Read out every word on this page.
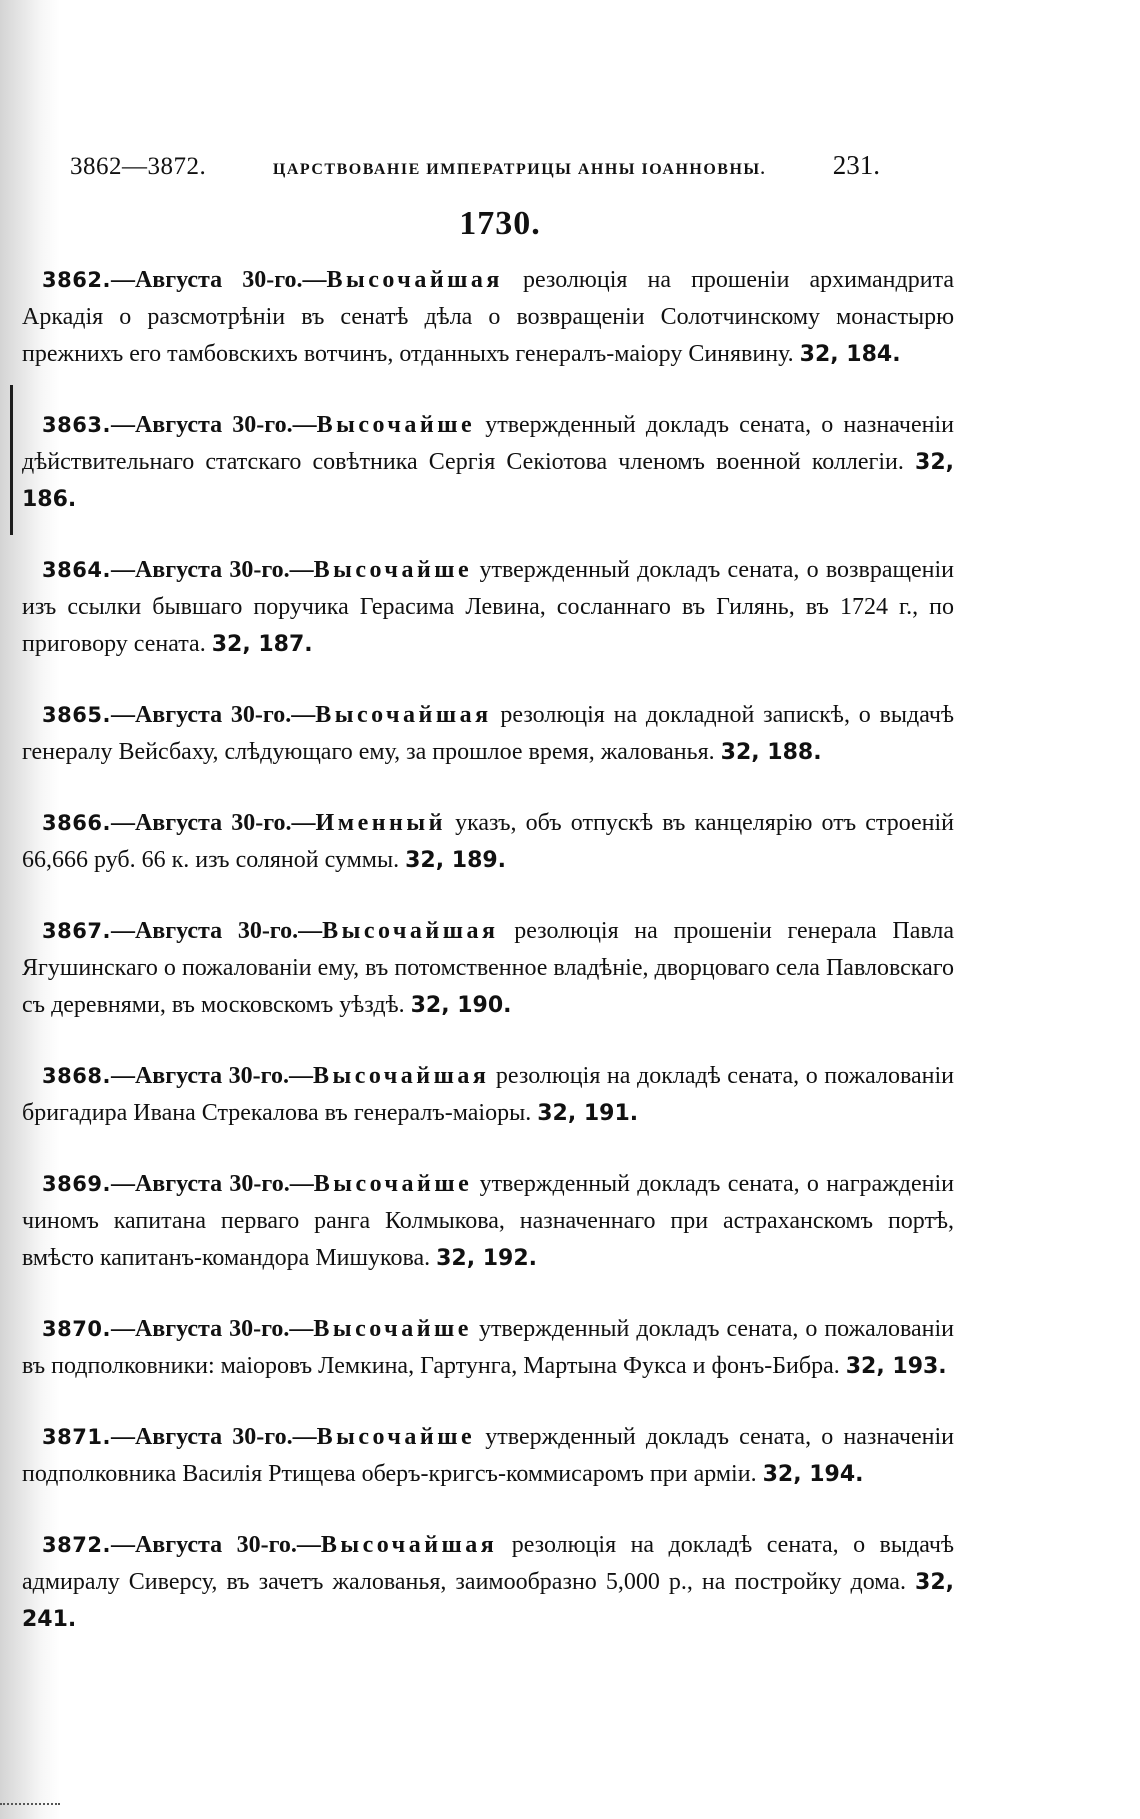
3862—3872.	ЦАРСТВОВАНІЕ ИМПЕРАТРИЦЫ АННЫ ІОАННОВНЫ. 231.
1730.

3862.—Августа 30-го.—Высочайшая резолюція на прошеніи архимандрита Аркадія о разсмотрѣніи въ сенатѣ дѣла о возвращеніи Солотчинскому монастырю прежнихъ его тамбовскихъ вотчинъ, отданныхъ генералъ-маіору Синявину. 32, 184.

3863.—Августа 30-го.—Высочайше утвержденный докладъ сената, о назначеніи дѣйствительнаго статскаго совѣтника Сергія Секіотова членомъ военной коллегіи. 32, 186.

3864.—Августа 30-го.—Высочайше утвержденный докладъ сената, о возвращеніи изъ ссылки бывшаго поручика Герасима Левина, сосланнаго въ Гилянь, въ 1724 г., по приговору сената. 32, 187.

3865.—Августа 30-го.—Высочайшая резолюція на докладной запискѣ, о выдачѣ генералу Вейсбаху, слѣдующаго ему, за прошлое время, жалованья. 32, 188.

3866.—Августа 30-го.—Именный указъ, объ отпускѣ въ канцелярію отъ строеній 66,666 руб. 66 к. изъ соляной суммы. 32, 189.

3867.—Августа 30-го.—Высочайшая резолюція на прошеніи генерала Павла Ягушинскаго о пожалованіи ему, въ потомственное владѣніе, дворцоваго села Павловскаго съ деревнями, въ московскомъ уѣздѣ. 32, 190.

3868.—Августа 30-го.—Высочайшая резолюція на докладѣ сената, о пожалованіи бригадира Ивана Стрекалова въ генералъ-маіоры. 32, 191.

3869.—Августа 30-го.—Высочайше утвержденный докладъ сената, о награжденіи чиномъ капитана перваго ранга Колмыкова, назначеннаго при астраханскомъ портѣ, вмѣсто капитанъ-командора Мишукова. 32, 192.

3870.—Августа 30-го.—Высочайше утвержденный докладъ сената, о пожалованіи въ подполковники: маіоровъ Лемкина, Гартунга, Мартына Фукса и фонъ-Бибра. 32, 193.

3871.—Августа 30-го.—Высочайше утвержденный докладъ сената, о назначеніи подполковника Василія Ртищева оберъ-кригсъ-коммисаромъ при арміи. 32, 194.

3872.—Августа 30-го.—Высочайшая резолюція на докладѣ сената, о выдачѣ адмиралу Сиверсу, въ зачетъ жалованья, заимообразно 5,000 р., на постройку дома. 32, 241.
